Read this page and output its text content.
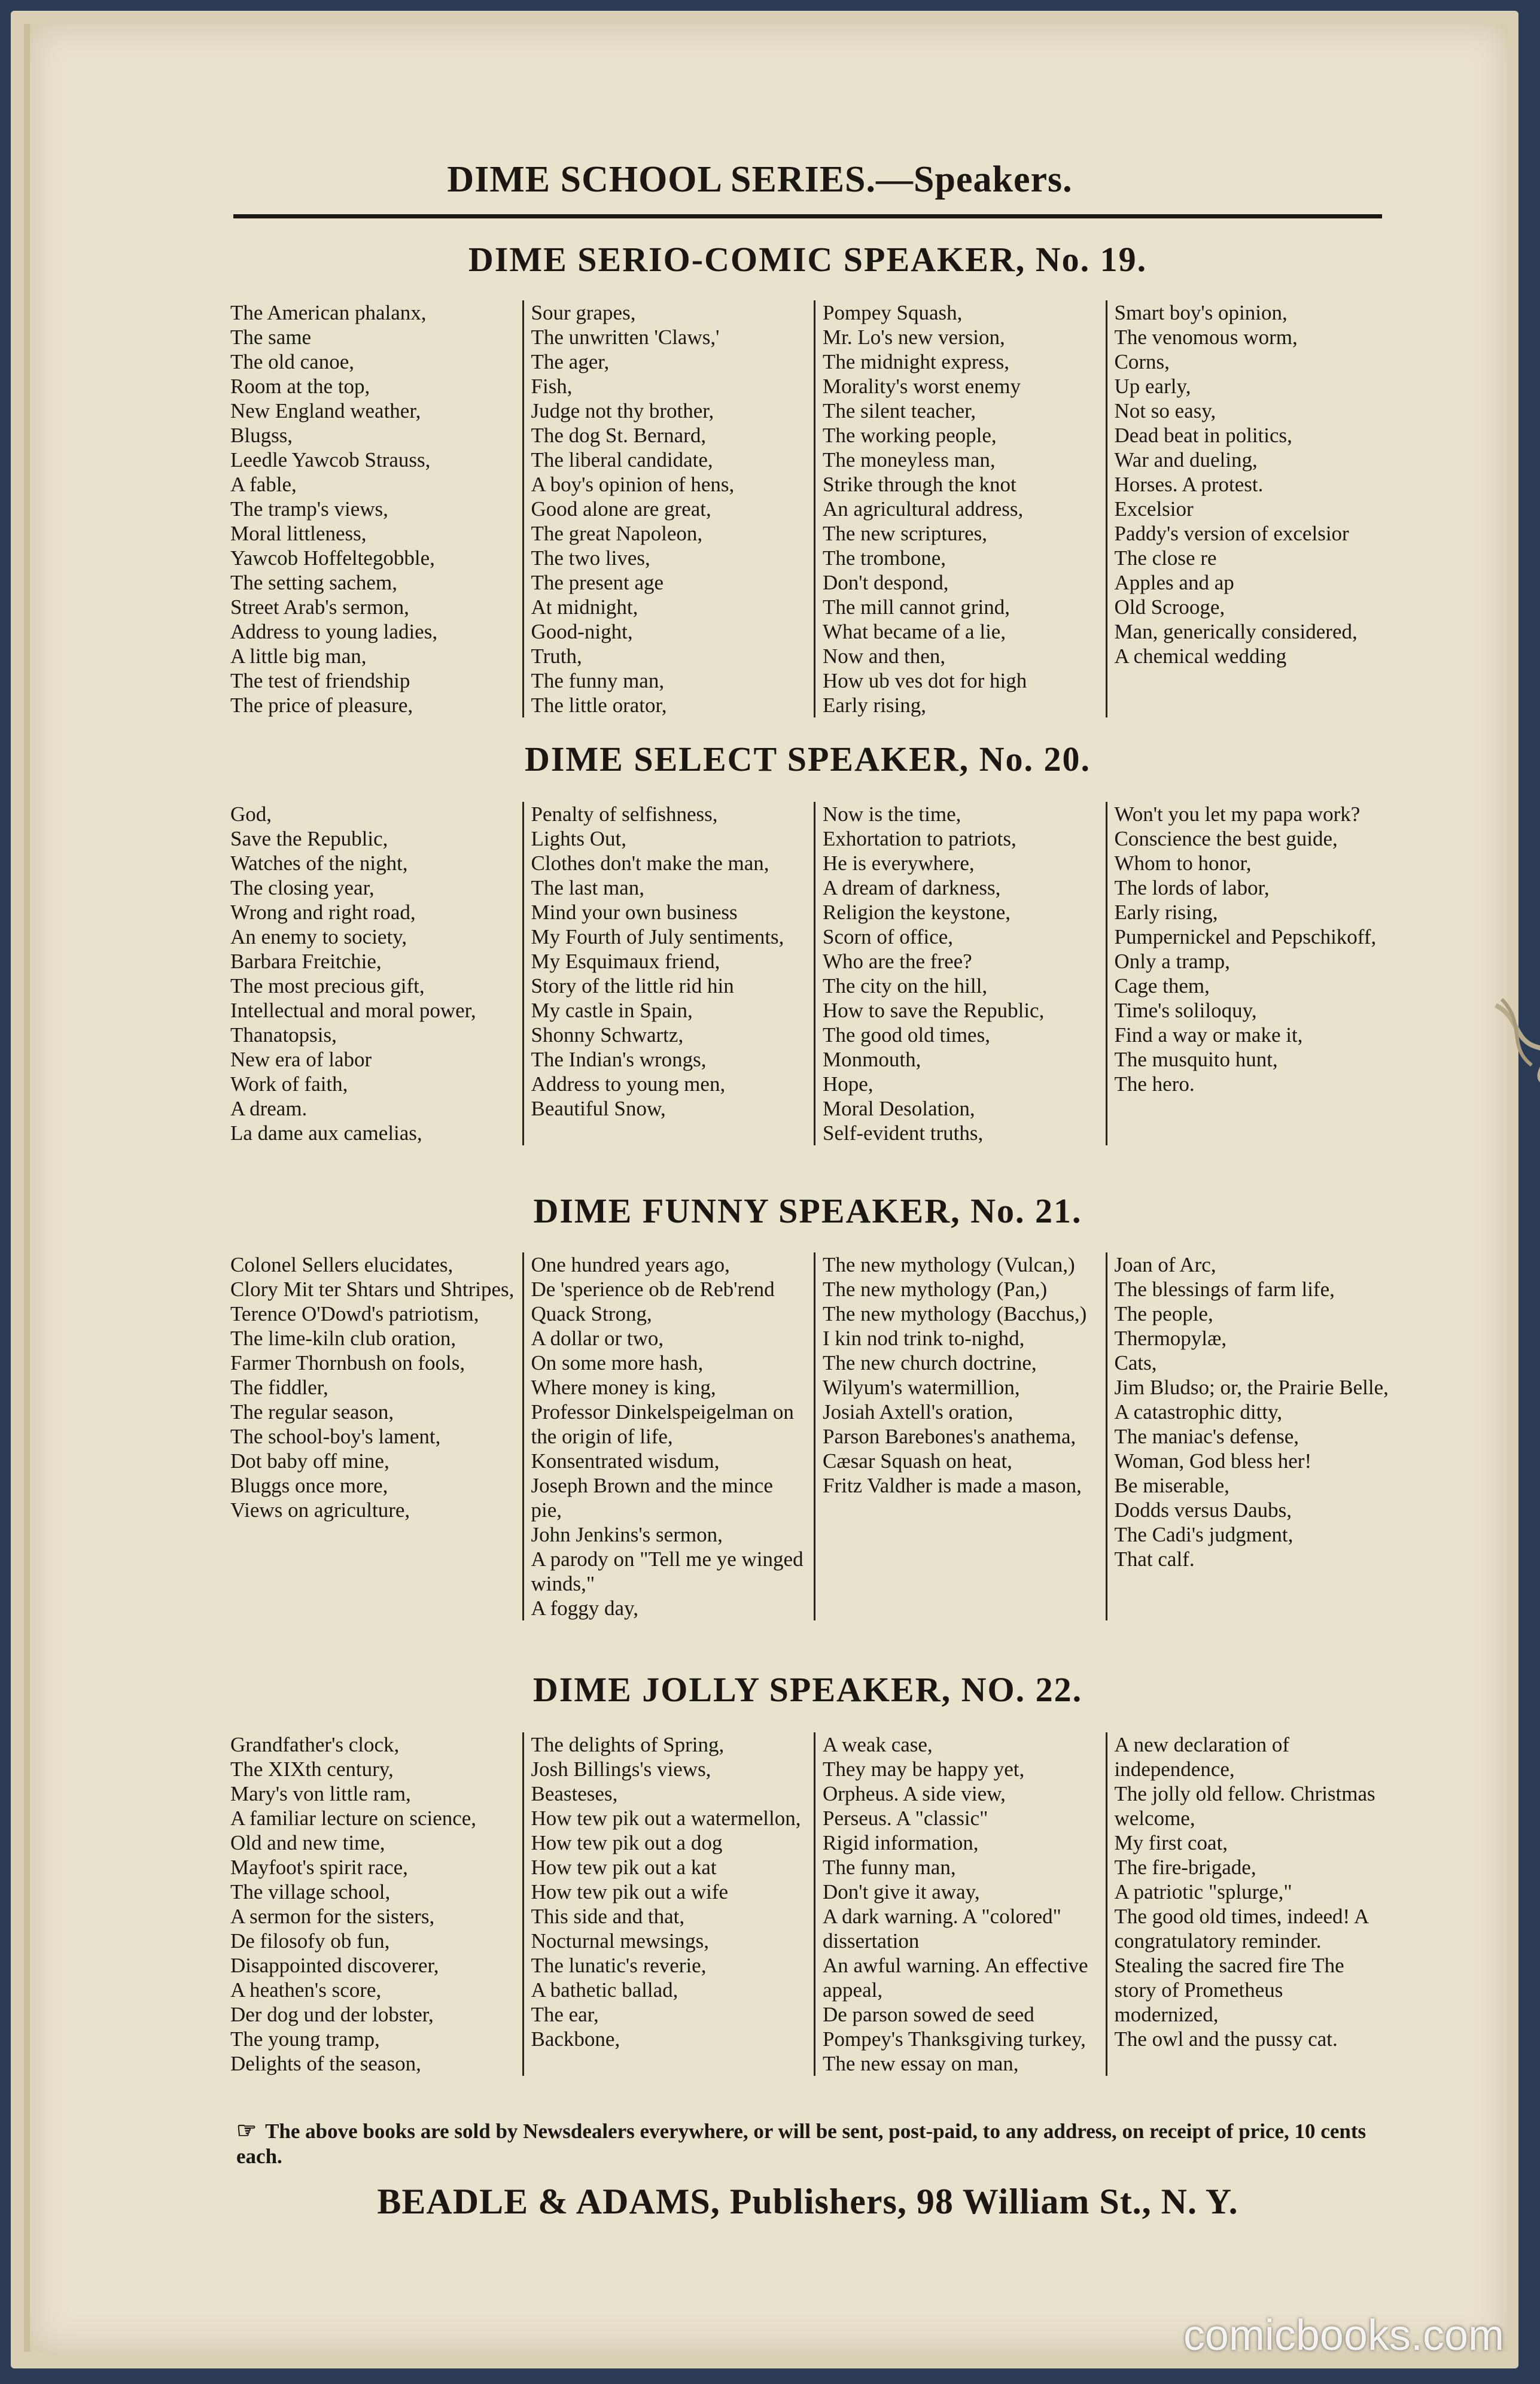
DIME SCHOOL SERIES.—Speakers.
DIME SERIO-COMIC SPEAKER, No. 19.
The American phalanx,
The same
The old canoe,
Room at the top,
New England weather,
Blugss,
Leedle Yawcob Strauss,
A fable,
The tramp's views,
Moral littleness,
Yawcob Hoffeltegobble,
The setting sachem,
Street Arab's sermon,
Address to young ladies,
A little big man,
The test of friendship
The price of pleasure,
Sour grapes,
The unwritten 'Claws,'
The ager,
Fish,
Judge not thy brother,
The dog St. Bernard,
The liberal candidate,
A boy's opinion of hens,
Good alone are great,
The great Napoleon,
The two lives,
The present age
At midnight,
Good-night,
Truth,
The funny man,
The little orator,
Pompey Squash,
Mr. Lo's new version,
The midnight express,
Morality's worst enemy
The silent teacher,
The working people,
The moneyless man,
Strike through the knot
An agricultural address,
The new scriptures,
The trombone,
Don't despond,
The mill cannot grind,
What became of a lie,
Now and then,
How ub ves dot for high
Early rising,
Smart boy's opinion,
The venomous worm,
Corns,
Up early,
Not so easy,
Dead beat in politics,
War and dueling,
Horses. A protest.
Excelsior
Paddy's version of excelsior
The close re
Apples and ap
Old Scrooge,
Man, generically considered,
A chemical wedding
DIME SELECT SPEAKER, No. 20.
God,
Save the Republic,
Watches of the night,
The closing year,
Wrong and right road,
An enemy to society,
Barbara Freitchie,
The most precious gift,
Intellectual and moral power,
Thanatopsis,
New era of labor
Work of faith,
A dream.
La dame aux camelias,
Penalty of selfishness,
Lights Out,
Clothes don't make the man,
The last man,
Mind your own business
My Fourth of July sentiments,
My Esquimaux friend,
Story of the little rid hin
My castle in Spain,
Shonny Schwartz,
The Indian's wrongs,
Address to young men,
Beautiful Snow,
Now is the time,
Exhortation to patriots,
He is everywhere,
A dream of darkness,
Religion the keystone,
Scorn of office,
Who are the free?
The city on the hill,
How to save the Republic,
The good old times,
Monmouth,
Hope,
Moral Desolation,
Self-evident truths,
Won't you let my papa work?
Conscience the best guide,
Whom to honor,
The lords of labor,
Early rising,
Pumpernickel and Pepschikoff,
Only a tramp,
Cage them,
Time's soliloquy,
Find a way or make it,
The musquito hunt,
The hero.
DIME FUNNY SPEAKER, No. 21.
Colonel Sellers elucidates,
Clory Mit ter Shtars und Shtripes,
Terence O'Dowd's patriotism,
The lime-kiln club oration,
Farmer Thornbush on fools,
The fiddler,
The regular season,
The school-boy's lament,
Dot baby off mine,
Bluggs once more,
Views on agriculture,
One hundred years ago,
De 'sperience ob de Reb'rend Quack Strong,
A dollar or two,
On some more hash,
Where money is king,
Professor Dinkelspeigelman on the origin of life,
Konsentrated wisdum,
Joseph Brown and the mince pie,
John Jenkins's sermon,
A parody on "Tell me ye winged winds,"
A foggy day,
The new mythology (Vulcan,)
The new mythology (Pan,)
The new mythology (Bacchus,)
I kin nod trink to-nighd,
The new church doctrine,
Wilyum's watermillion,
Josiah Axtell's oration,
Parson Barebones's anathema,
Cæsar Squash on heat,
Fritz Valdher is made a mason,
Joan of Arc,
The blessings of farm life,
The people,
Thermopylæ,
Cats,
Jim Bludso; or, the Prairie Belle,
A catastrophic ditty,
The maniac's defense,
Woman, God bless her!
Be miserable,
Dodds versus Daubs,
The Cadi's judgment,
That calf.
DIME JOLLY SPEAKER, NO. 22.
Grandfather's clock,
The XIXth century,
Mary's von little ram,
A familiar lecture on science,
Old and new time,
Mayfoot's spirit race,
The village school,
A sermon for the sisters,
De filosofy ob fun,
Disappointed discoverer,
A heathen's score,
Der dog und der lobster,
The young tramp,
Delights of the season,
The delights of Spring,
Josh Billings's views,
Beasteses,
How tew pik out a watermellon,
How tew pik out a dog
How tew pik out a kat
How tew pik out a wife
This side and that,
Nocturnal mewsings,
The lunatic's reverie,
A bathetic ballad,
The ear,
Backbone,
A weak case,
They may be happy yet,
Orpheus. A side view,
Perseus. A "classic"
Rigid information,
The funny man,
Don't give it away,
A dark warning. A "colored" dissertation
An awful warning. An effective appeal,
De parson sowed de seed
Pompey's Thanksgiving turkey,
The new essay on man,
A new declaration of independence,
The jolly old fellow. Christmas welcome,
My first coat,
The fire-brigade,
A patriotic "splurge,"
The good old times, indeed! A congratulatory reminder.
Stealing the sacred fire The story of Prometheus modernized,
The owl and the pussy cat.
☞ The above books are sold by Newsdealers everywhere, or will be sent, post-paid, to any address, on receipt of price, 10 cents each.
BEADLE & ADAMS, Publishers, 98 William St., N. Y.
comicbooks.com
